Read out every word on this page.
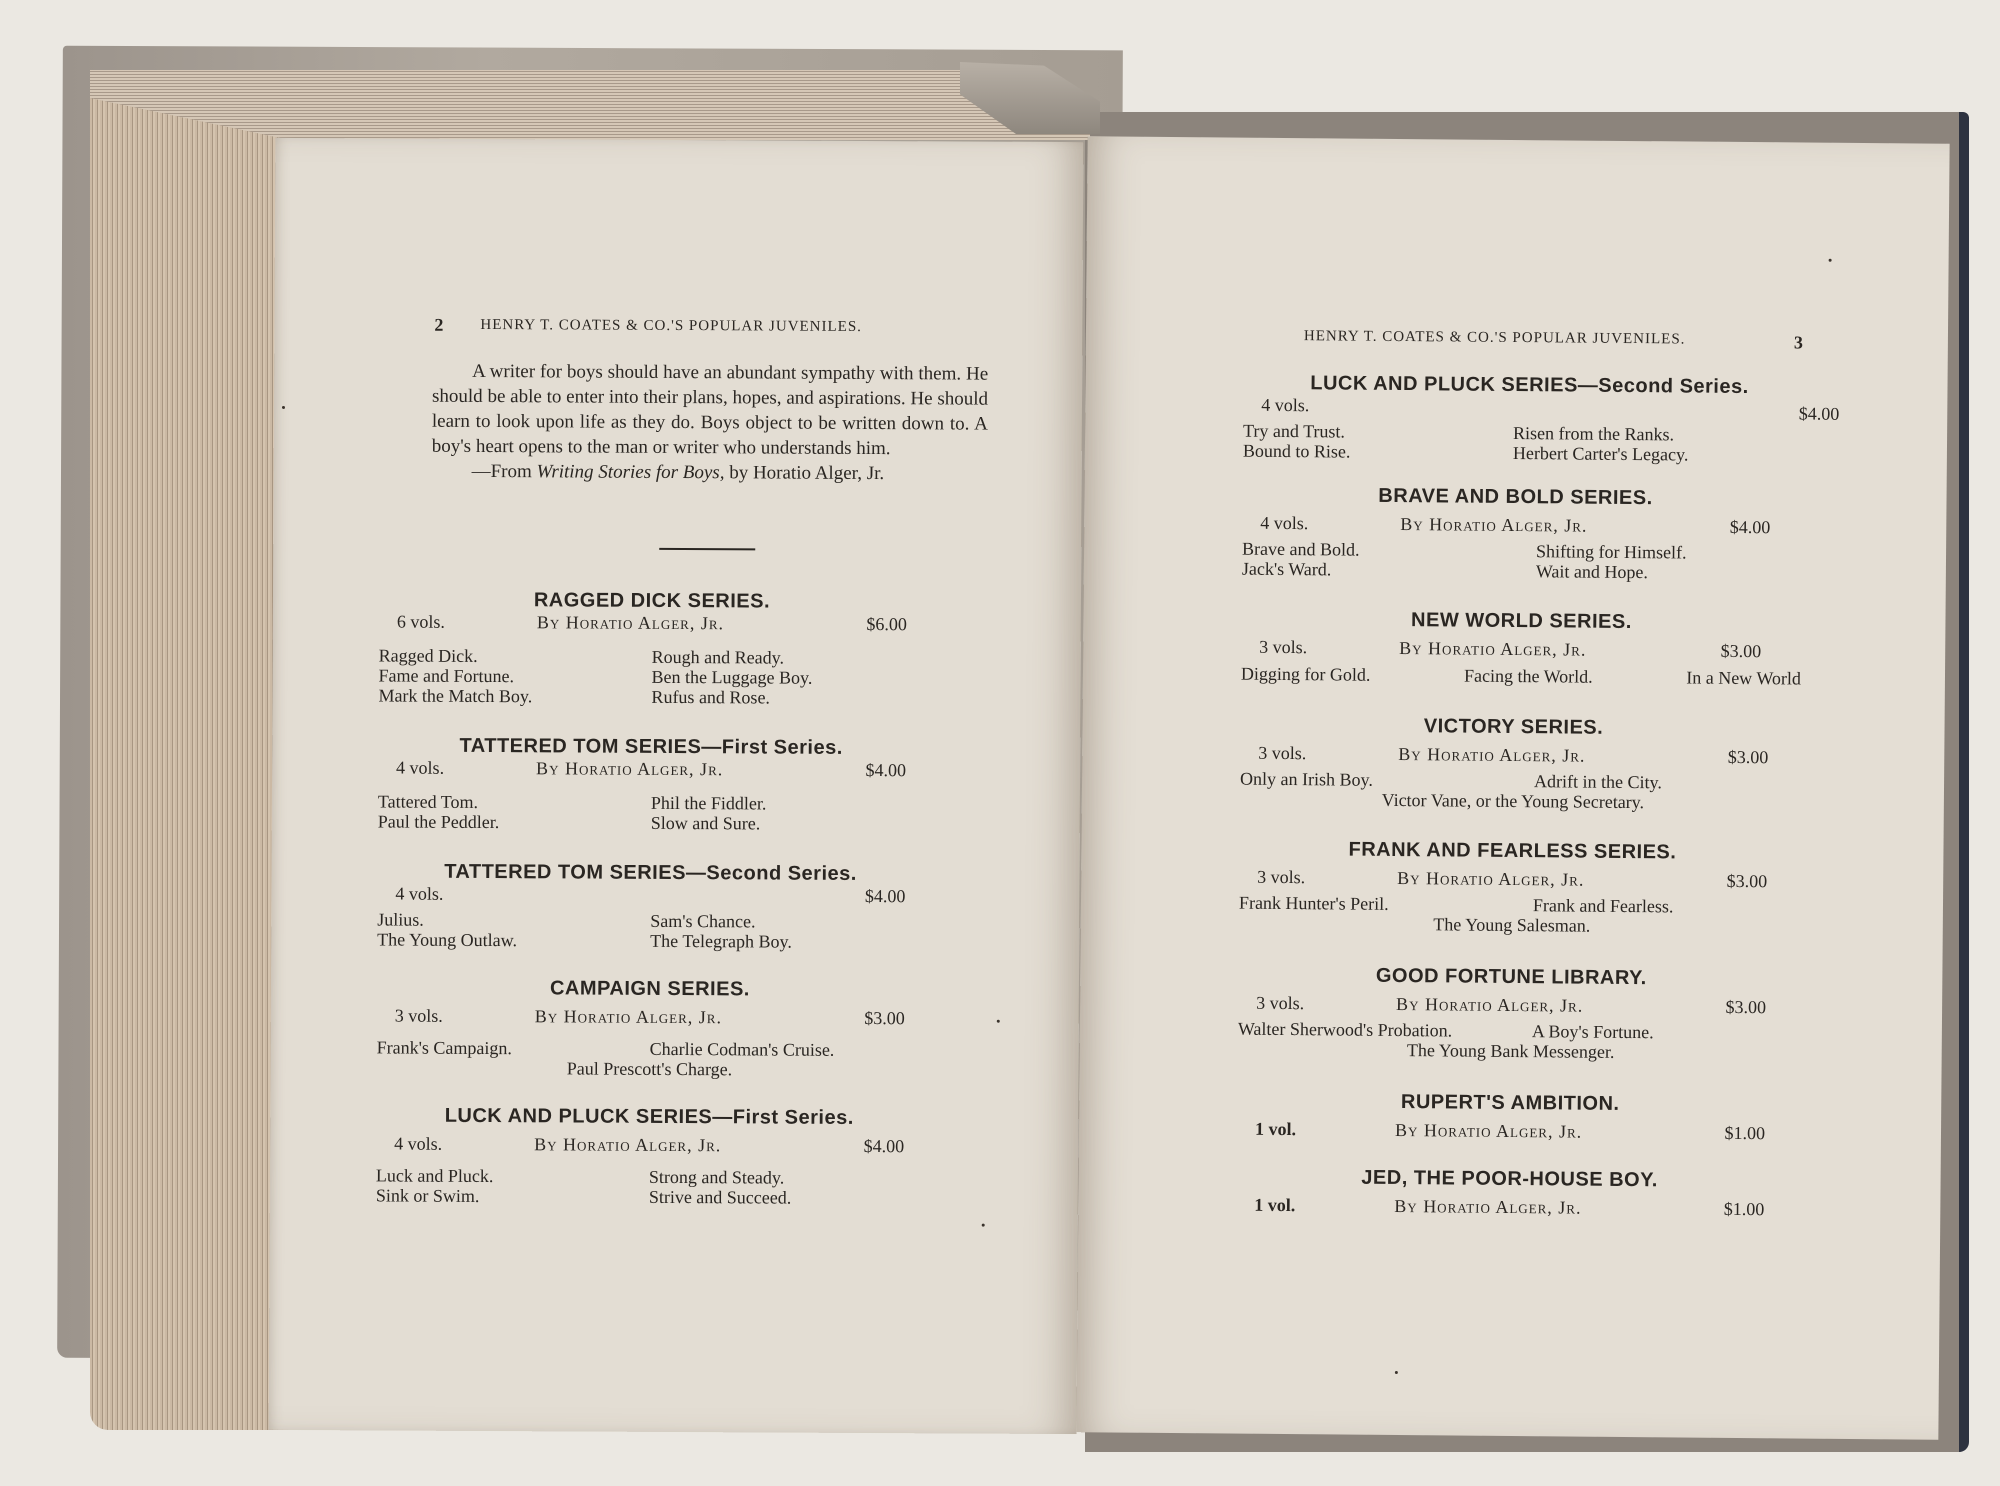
2 HENRY T. COATES & CO.'S POPULAR JUVENILES.

A writer for boys should have an abundant sympathy with them. He should be able to enter into their plans, hopes, and aspirations. He should learn to look upon life as they do. Boys object to be written down to. A boy's heart opens to the man or writer who understands him.

—From Writing Stories for Boys, by Horatio Alger, Jr.

RAGGED DICK SERIES.
6 vols.	By Horatio Alger, Jr.	$6.00
Ragged Dick.	Rough and Ready.
Fame and Fortune.	Ben the Luggage Boy.
Mark the Match Boy.	Rufus and Rose.
TATTERED TOM SERIES—First Series.
4 vols.	By Horatio Alger, Jr.	$4.00
Tattered Tom.	Phil the Fiddler.
Paul the Peddler.	Slow and Sure.
TATTERED TOM SERIES—Second Series.
4 vols.	$4.00
Julius.	Sam's Chance.
The Young Outlaw.	The Telegraph Boy.
CAMPAIGN SERIES.
3 vols.	By Horatio Alger, Jr.	$3.00
Frank's Campaign.	Charlie Codman's Cruise.
Paul Prescott's Charge.
LUCK AND PLUCK SERIES—First Series.
4 vols.	By Horatio Alger, Jr.	$4.00
Luck and Pluck.	Strong and Steady.
Sink or Swim.	Strive and Succeed.
HENRY T. COATES & CO.'S POPULAR JUVENILES.	3
LUCK AND PLUCK SERIES—Second Series.
4 vols.	$4.00
Try and Trust.	Risen from the Ranks.
Bound to Rise.	Herbert Carter's Legacy.
BRAVE AND BOLD SERIES.
4 vols.	By Horatio Alger, Jr.	$4.00
Brave and Bold.	Shifting for Himself.
Jack's Ward.	Wait and Hope.
NEW WORLD SERIES.
3 vols.	By Horatio Alger, Jr.	$3.00
Digging for Gold.	Facing the World.	In a New World
VICTORY SERIES.
3 vols.	By Horatio Alger, Jr.	$3.00
Only an Irish Boy.	Adrift in the City.
Victor Vane, or the Young Secretary.
FRANK AND FEARLESS SERIES.
3 vols.	By Horatio Alger, Jr.	$3.00
Frank Hunter's Peril.	Frank and Fearless.
The Young Salesman.
GOOD FORTUNE LIBRARY.
3 vols.	By Horatio Alger, Jr.	$3.00
Walter Sherwood's Probation.	A Boy's Fortune.
The Young Bank Messenger.
RUPERT'S AMBITION.
1 vol.	By Horatio Alger, Jr.	$1.00
JED, THE POOR-HOUSE BOY.
1 vol.	By Horatio Alger, Jr.	$1.00
